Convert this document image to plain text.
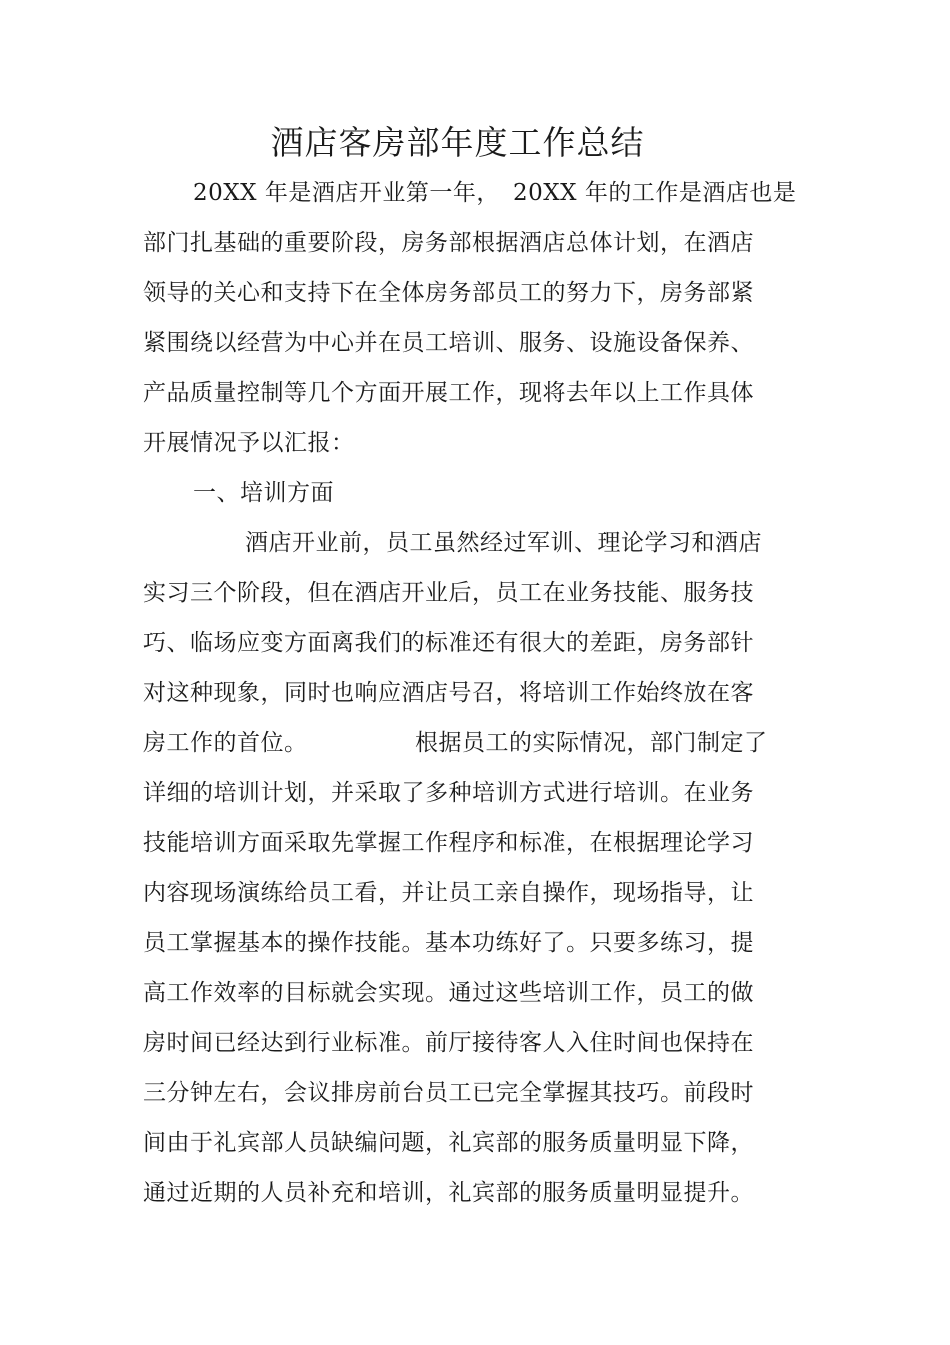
酒店客房部年度工作总结
20XX 年是酒店开业第一年， 20XX 年的工作是酒店也是
部门扎基础的重要阶段，房务部根据酒店总体计划，在酒店
领导的关心和支持下在全体房务部员工的努力下，房务部紧
紧围绕以经营为中心并在员工培训、服务、设施设备保养、
产品质量控制等几个方面开展工作，现将去年以上工作具体
开展情况予以汇报：
一、培训方面
酒店开业前，员工虽然经过军训、理论学习和酒店
实习三个阶段，但在酒店开业后，员工在业务技能、服务技
巧、临场应变方面离我们的标准还有很大的差距，房务部针
对这种现象，同时也响应酒店号召，将培训工作始终放在客
房工作的首位。	根据员工的实际情况，部门制定了
详细的培训计划，并采取了多种培训方式进行培训。在业务
技能培训方面采取先掌握工作程序和标准，在根据理论学习
内容现场演练给员工看，并让员工亲自操作，现场指导，让
员工掌握基本的操作技能。基本功练好了。只要多练习，提
高工作效率的目标就会实现。通过这些培训工作，员工的做
房时间已经达到行业标准。前厅接待客人入住时间也保持在
三分钟左右，会议排房前台员工已完全掌握其技巧。前段时
间由于礼宾部人员缺编问题，礼宾部的服务质量明显下降，
通过近期的人员补充和培训，礼宾部的服务质量明显提升。
